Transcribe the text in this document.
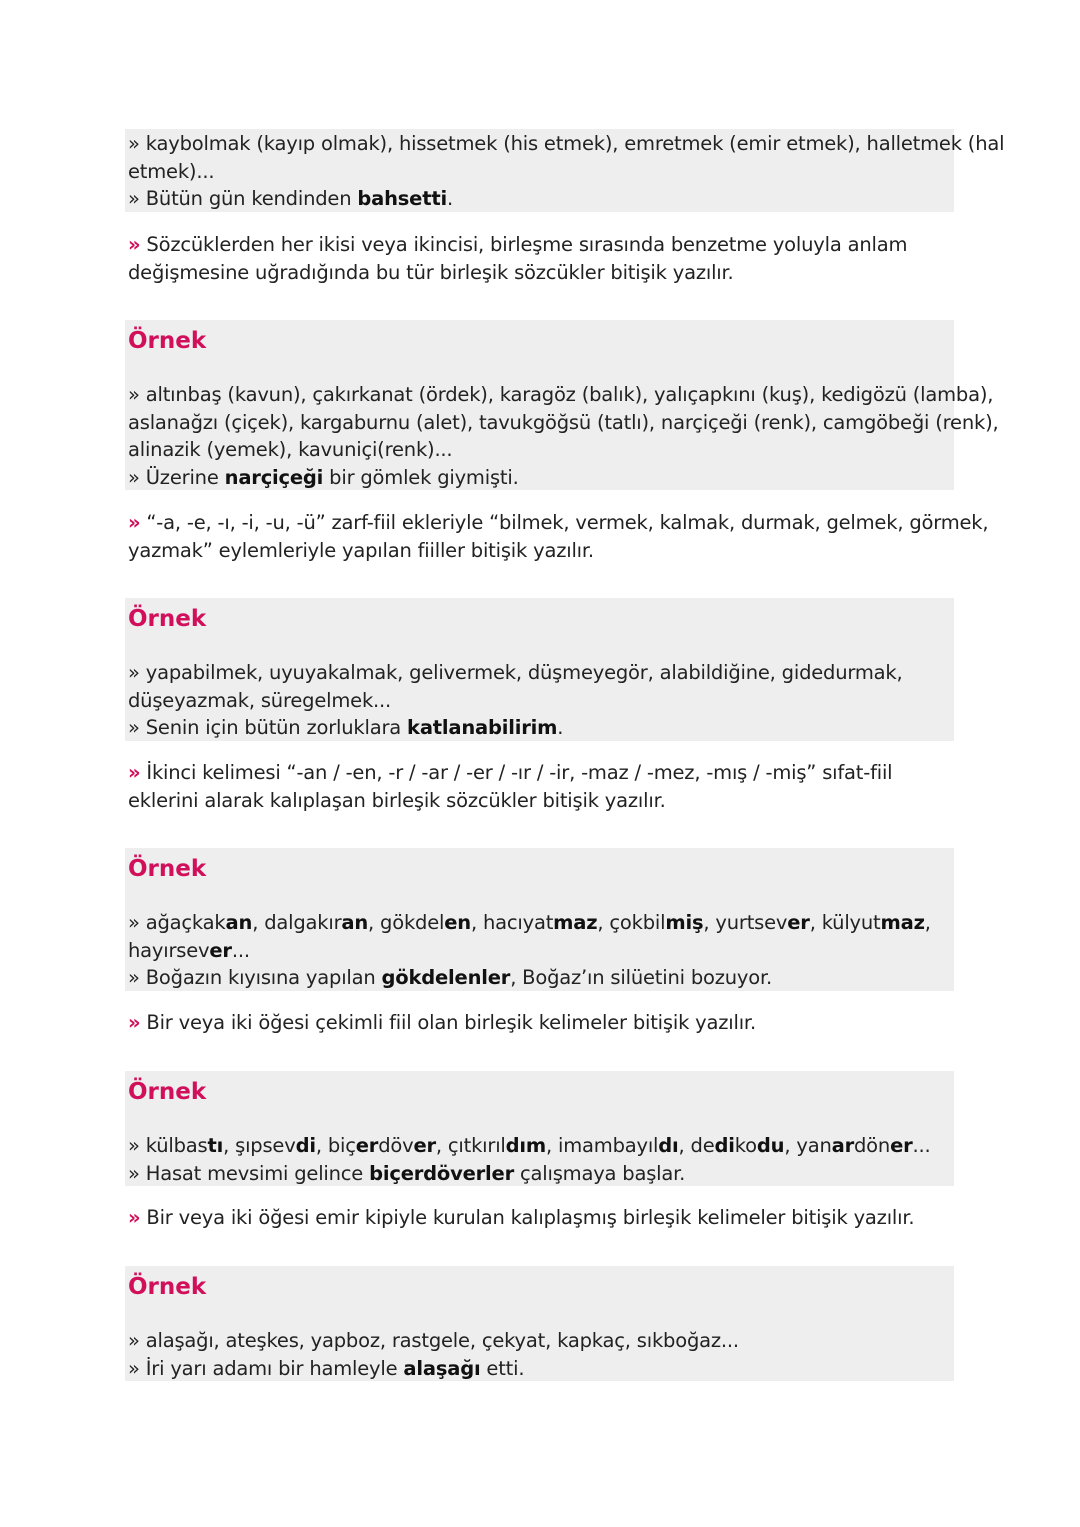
» kaybolmak (kayıp olmak), hissetmek (his etmek), emretmek (emir etmek), halletmek (hal
etmek)...
» Bütün gün kendinden bahsetti.
» Sözcüklerden her ikisi veya ikincisi, birleşme sırasında benzetme yoluyla anlam
değişmesine uğradığında bu tür birleşik sözcükler bitişik yazılır.
Örnek
» altınbaş (kavun), çakırkanat (ördek), karagöz (balık), yalıçapkını (kuş), kedigözü (lamba),
aslanağzı (çiçek), kargaburnu (alet), tavukgöğsü (tatlı), narçiçeği (renk), camgöbeği (renk),
alinazik (yemek), kavuniçi(renk)...
» Üzerine narçiçeği bir gömlek giymişti.
» “-a, -e, -ı, -i, -u, -ü” zarf-fiil ekleriyle “bilmek, vermek, kalmak, durmak, gelmek, görmek,
yazmak” eylemleriyle yapılan fiiller bitişik yazılır.
Örnek
» yapabilmek, uyuyakalmak, gelivermek, düşmeyegör, alabildiğine, gidedurmak,
düşeyazmak, süregelmek...
» Senin için bütün zorluklara katlanabilirim.
» İkinci kelimesi “-an / -en, -r / -ar / -er / -ır / -ir, -maz / -mez, -mış / -miş” sıfat-fiil
eklerini alarak kalıplaşan birleşik sözcükler bitişik yazılır.
Örnek
» ağaçkakan, dalgakıran, gökdelen, hacıyatmaz, çokbilmiş, yurtsever, külyutmaz,
hayırsever...
» Boğazın kıyısına yapılan gökdelenler, Boğaz’ın silüetini bozuyor.
» Bir veya iki öğesi çekimli fiil olan birleşik kelimeler bitişik yazılır.
Örnek
» külbastı, şıpsevdi, biçerdöver, çıtkırıldım, imambayıldı, dedikodu, yanardöner...
» Hasat mevsimi gelince biçerdöverler çalışmaya başlar.
» Bir veya iki öğesi emir kipiyle kurulan kalıplaşmış birleşik kelimeler bitişik yazılır.
Örnek
» alaşağı, ateşkes, yapboz, rastgele, çekyat, kapkaç, sıkboğaz...
» İri yarı adamı bir hamleyle alaşağı etti.
